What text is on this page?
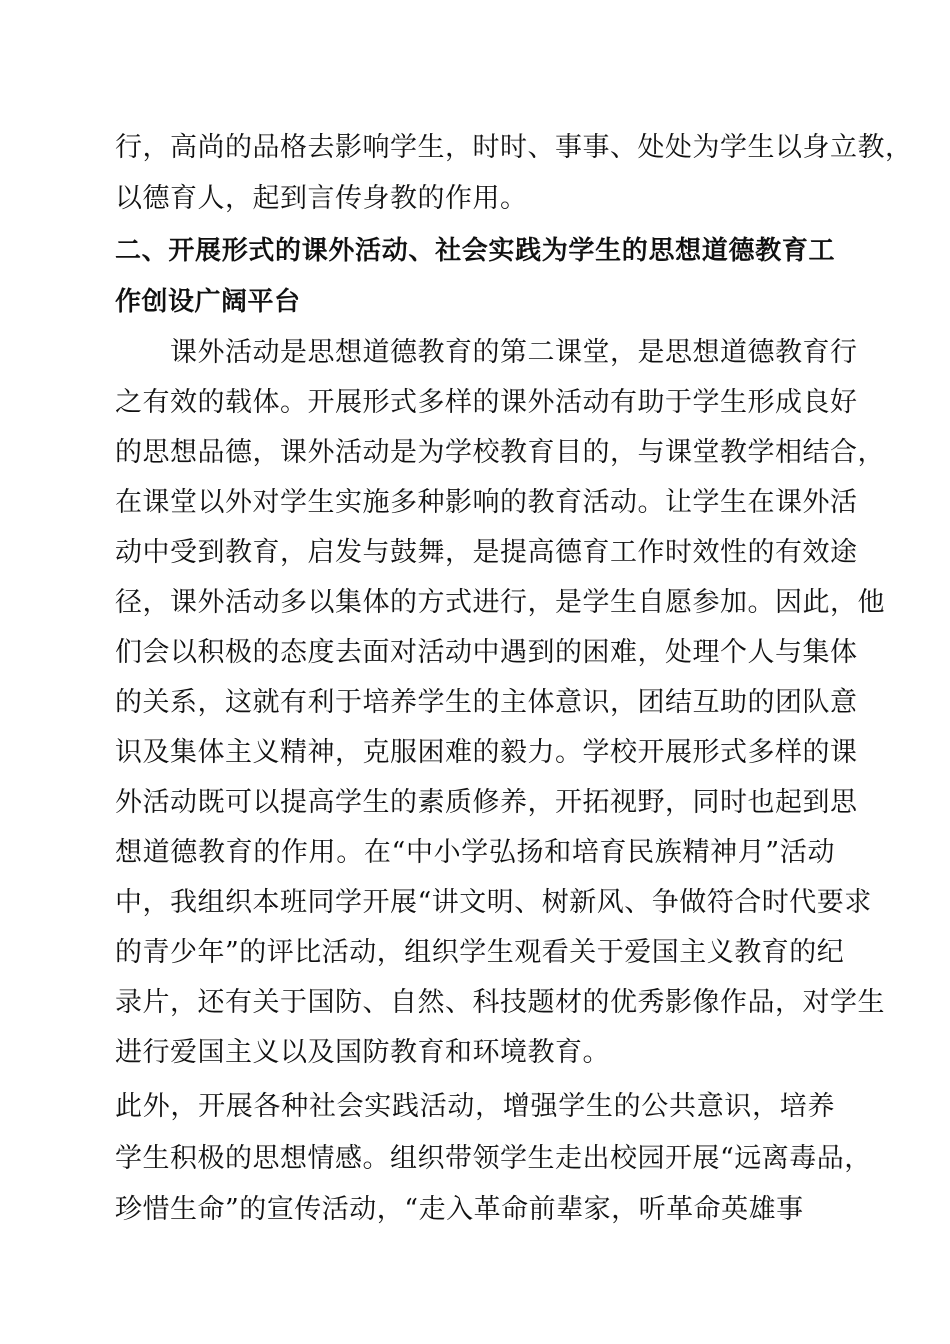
行，高尚的品格去影响学生，时时、事事、处处为学生以身立教，
以德育人，起到言传身教的作用。
二、开展形式的课外活动、社会实践为学生的思想道德教育工
作创设广阔平台
　　课外活动是思想道德教育的第二课堂，是思想道德教育行
之有效的载体。开展形式多样的课外活动有助于学生形成良好
的思想品德，课外活动是为学校教育目的，与课堂教学相结合，
在课堂以外对学生实施多种影响的教育活动。让学生在课外活
动中受到教育，启发与鼓舞，是提高德育工作时效性的有效途
径，课外活动多以集体的方式进行，是学生自愿参加。因此，他
们会以积极的态度去面对活动中遇到的困难，处理个人与集体
的关系，这就有利于培养学生的主体意识，团结互助的团队意
识及集体主义精神，克服困难的毅力。学校开展形式多样的课
外活动既可以提高学生的素质修养，开拓视野，同时也起到思
想道德教育的作用。在“中小学弘扬和培育民族精神月”活动
中，我组织本班同学开展“讲文明、树新风、争做符合时代要求
的青少年”的评比活动，组织学生观看关于爱国主义教育的纪
录片，还有关于国防、自然、科技题材的优秀影像作品，对学生
进行爱国主义以及国防教育和环境教育。
此外，开展各种社会实践活动，增强学生的公共意识，培养
学生积极的思想情感。组织带领学生走出校园开展“远离毒品，
珍惜生命”的宣传活动，“走入革命前辈家，听革命英雄事
